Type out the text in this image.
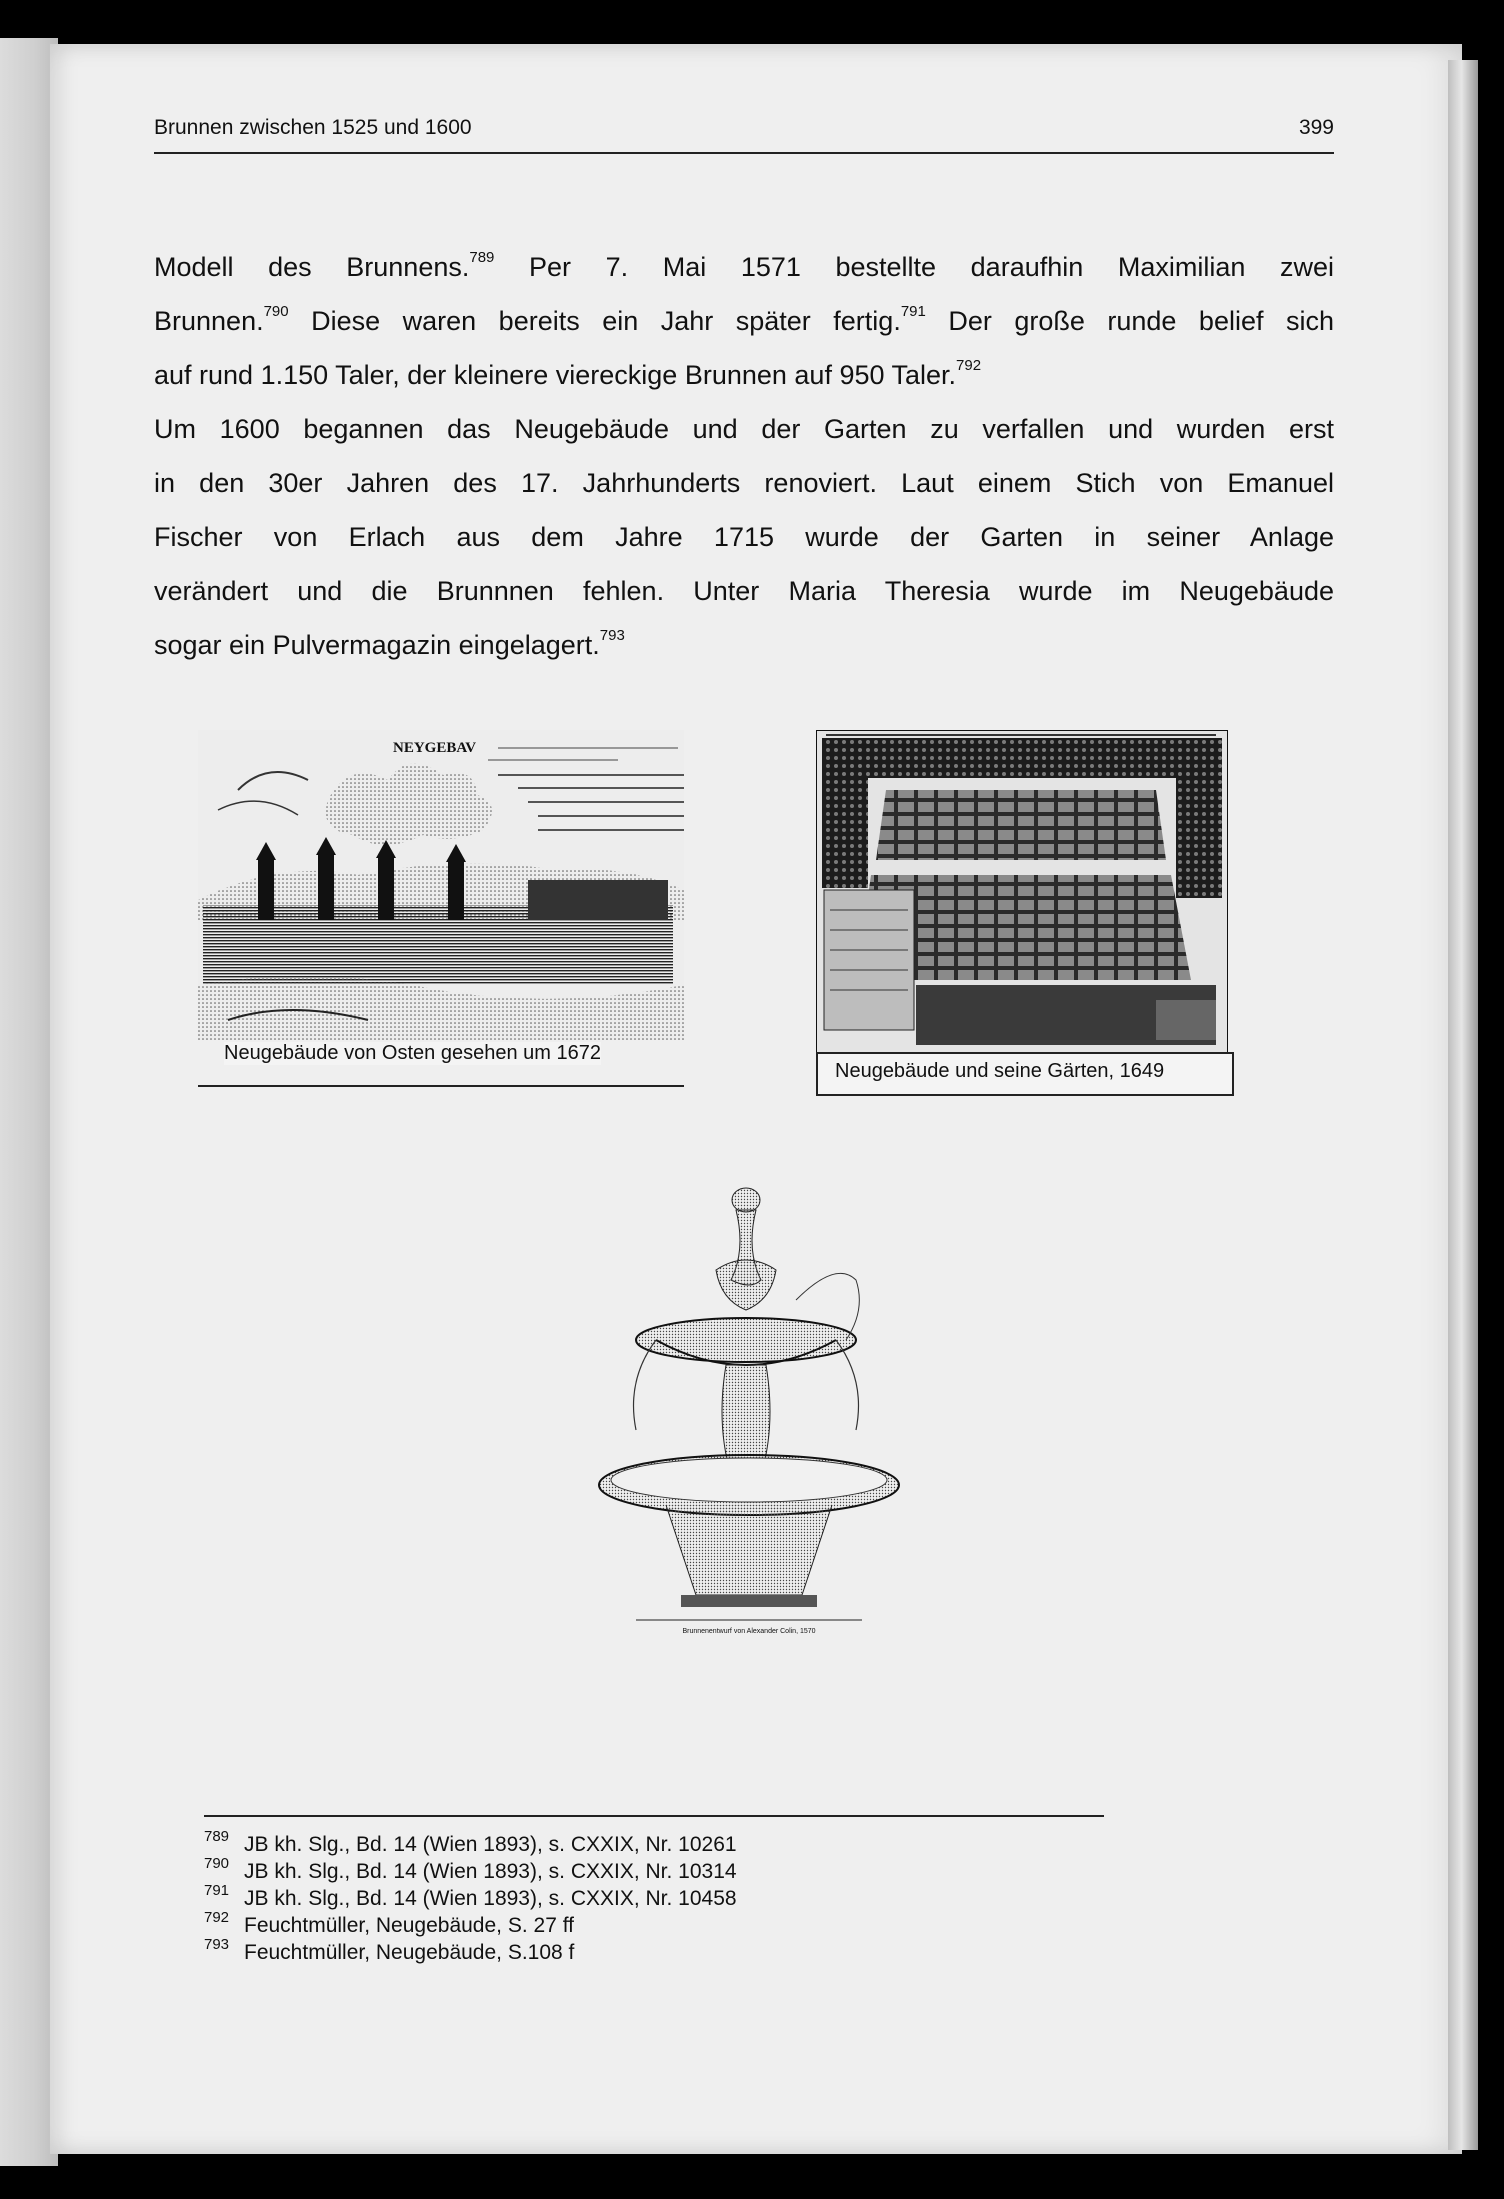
Brunnen zwischen 1525 und 1600	399
Modell des Brunnens.$^{789}$ Per 7. Mai 1571 bestellte daraufhin Maximilian zwei
Brunnen.$^{790}$ Diese waren bereits ein Jahr später fertig.$^{791}$ Der große runde belief sich
auf rund 1.150 Taler, der kleinere viereckige Brunnen auf 950 Taler.$^{792}$
Um 1600 begannen das Neugebäude und der Garten zu verfallen und wurden erst
in den 30er Jahren des 17. Jahrhunderts renoviert. Laut einem Stich von Emanuel
Fischer von Erlach aus dem Jahre 1715 wurde der Garten in seiner Anlage
verändert und die Brunnnen fehlen. Unter Maria Theresia wurde im Neugebäude
sogar ein Pulvermagazin eingelagert.$^{793}$
NEYGEBAV
Neugebäude von Osten gesehen um 1672
Neugebäude und seine Gärten, 1649
Brunnenentwurf von Alexander Colin, 1570
789 JB kh. Slg., Bd. 14 (Wien 1893), s. CXXIX, Nr. 10261
790 JB kh. Slg., Bd. 14 (Wien 1893), s. CXXIX, Nr. 10314
791 JB kh. Slg., Bd. 14 (Wien 1893), s. CXXIX, Nr. 10458
792 Feuchtmüller, Neugebäude, S. 27 ff
793 Feuchtmüller, Neugebäude, S.108 f
